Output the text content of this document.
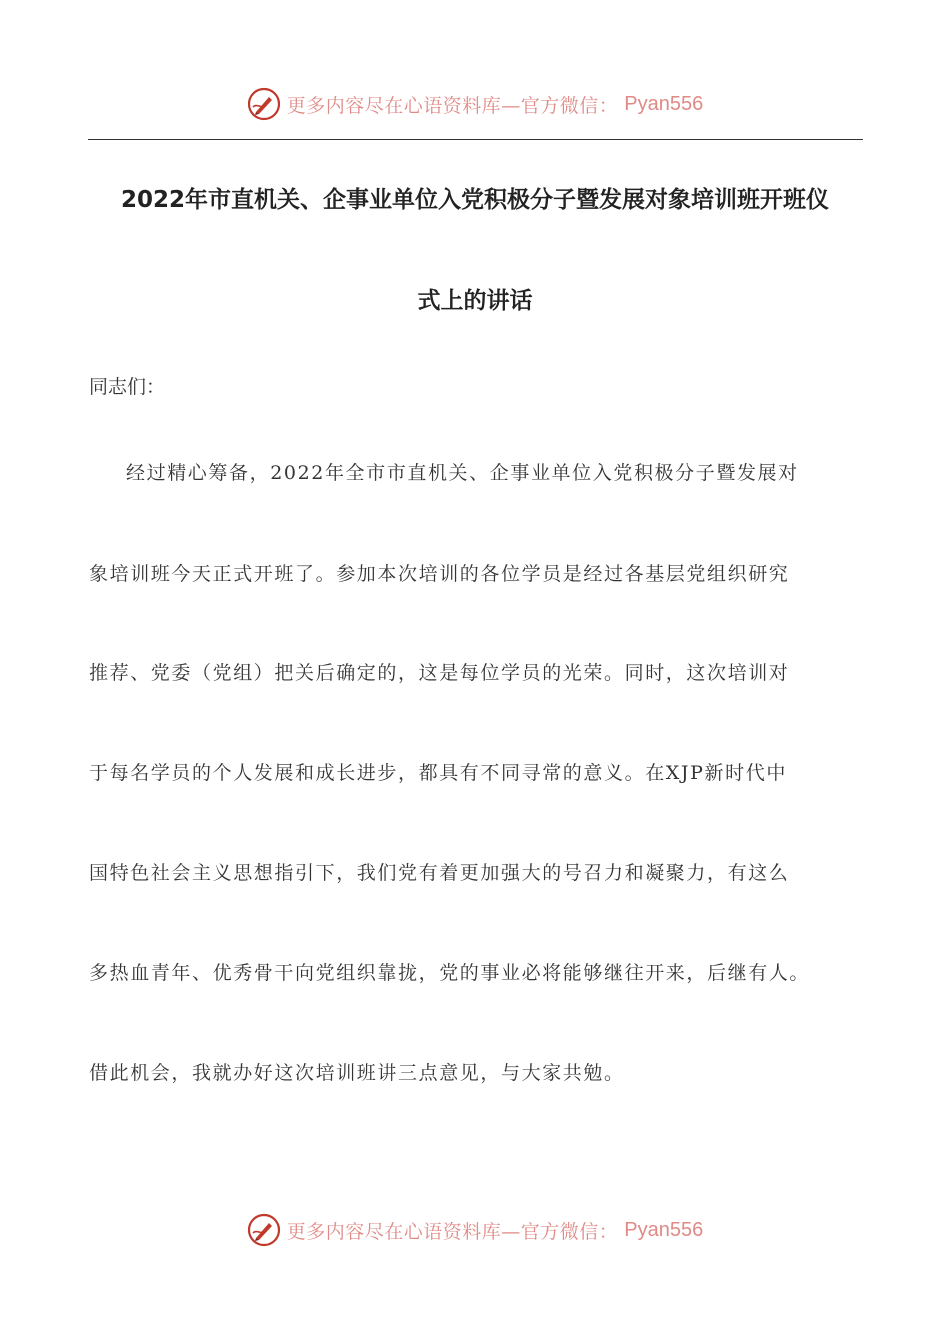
更多内容尽在心语资料库—官方微信： Pyan556
2022年市直机关、企事业单位入党积极分子暨发展对象培训班开班仪
式上的讲话
同志们：
经过精心筹备，2022年全市市直机关、企事业单位入党积极分子暨发展对
象培训班今天正式开班了。参加本次培训的各位学员是经过各基层党组织研究
推荐、党委（党组）把关后确定的，这是每位学员的光荣。同时，这次培训对
于每名学员的个人发展和成长进步，都具有不同寻常的意义。在XJP新时代中
国特色社会主义思想指引下，我们党有着更加强大的号召力和凝聚力，有这么
多热血青年、优秀骨干向党组织靠拢，党的事业必将能够继往开来，后继有人。
借此机会，我就办好这次培训班讲三点意见，与大家共勉。
更多内容尽在心语资料库—官方微信： Pyan556
